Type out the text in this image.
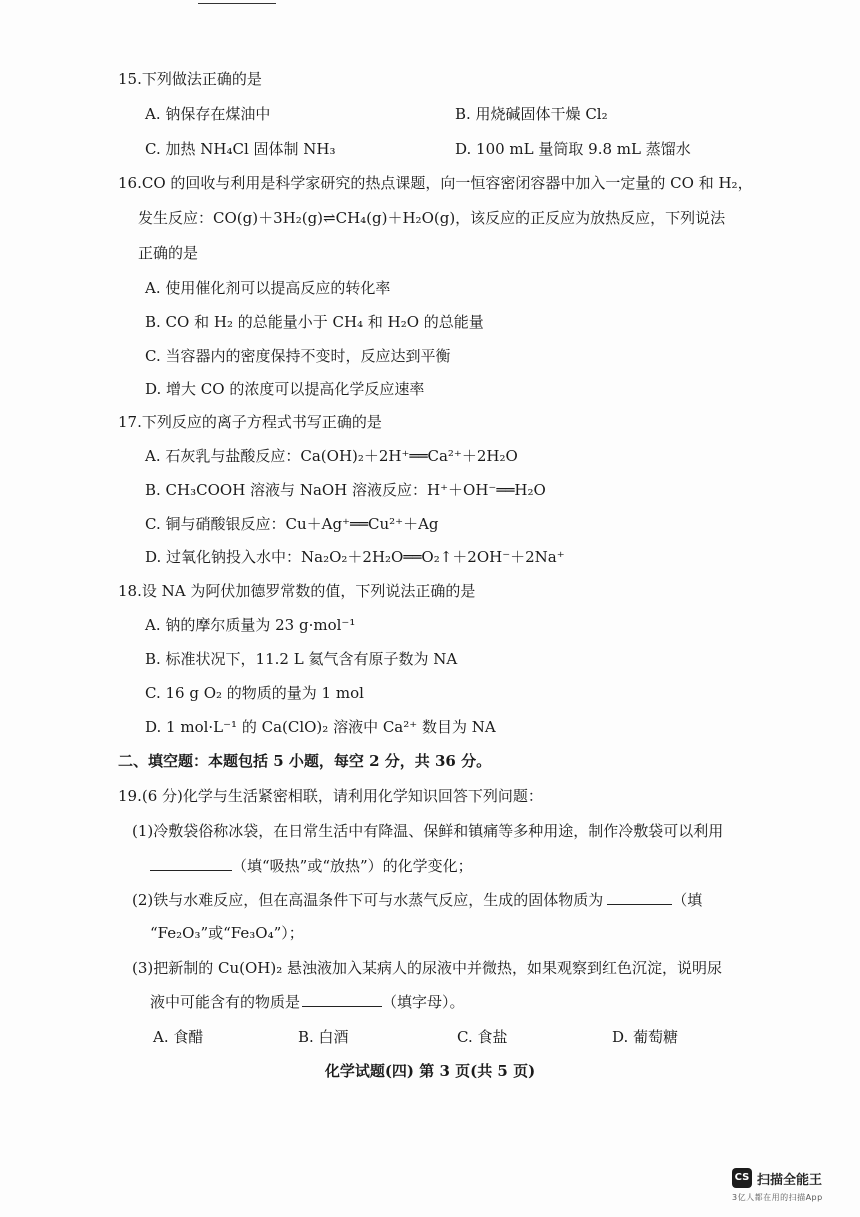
15.下列做法正确的是
A. 钠保存在煤油中	B. 用烧碱固体干燥 Cl₂
C. 加热 NH₄Cl 固体制 NH₃	D. 100 mL 量筒取 9.8 mL 蒸馏水
16.CO 的回收与利用是科学家研究的热点课题，向一恒容密闭容器中加入一定量的 CO 和 H₂，
发生反应：CO(g)＋3H₂(g)⇌CH₄(g)＋H₂O(g)，该反应的正反应为放热反应，下列说法
正确的是
A. 使用催化剂可以提高反应的转化率
B. CO 和 H₂ 的总能量小于 CH₄ 和 H₂O 的总能量
C. 当容器内的密度保持不变时，反应达到平衡
D. 增大 CO 的浓度可以提高化学反应速率
17.下列反应的离子方程式书写正确的是
A. 石灰乳与盐酸反应：Ca(OH)₂＋2H⁺══Ca²⁺＋2H₂O
B. CH₃COOH 溶液与 NaOH 溶液反应：H⁺＋OH⁻══H₂O
C. 铜与硝酸银反应：Cu＋Ag⁺══Cu²⁺＋Ag
D. 过氧化钠投入水中：Na₂O₂＋2H₂O══O₂↑＋2OH⁻＋2Na⁺
18.设 NA 为阿伏加德罗常数的值，下列说法正确的是
A. 钠的摩尔质量为 23 g·mol⁻¹
B. 标准状况下，11.2 L 氦气含有原子数为 NA
C. 16 g O₂ 的物质的量为 1 mol
D. 1 mol·L⁻¹ 的 Ca(ClO)₂ 溶液中 Ca²⁺ 数目为 NA
二、填空题：本题包括 5 小题，每空 2 分，共 36 分。
19.(6 分)化学与生活紧密相联，请利用化学知识回答下列问题：
(1)冷敷袋俗称冰袋，在日常生活中有降温、保鲜和镇痛等多种用途，制作冷敷袋可以利用
（填“吸热”或“放热”）的化学变化；
(2)铁与水难反应，但在高温条件下可与水蒸气反应，生成的固体物质为	（填
“Fe₂O₃”或“Fe₃O₄”）；
(3)把新制的 Cu(OH)₂ 悬浊液加入某病人的尿液中并微热，如果观察到红色沉淀，说明尿
液中可能含有的物质是	（填字母）。
A. 食醋	B. 白酒	C. 食盐	D. 葡萄糖
化学试题(四) 第 3 页(共 5 页)
CS 扫描全能王
3亿人都在用的扫描App
